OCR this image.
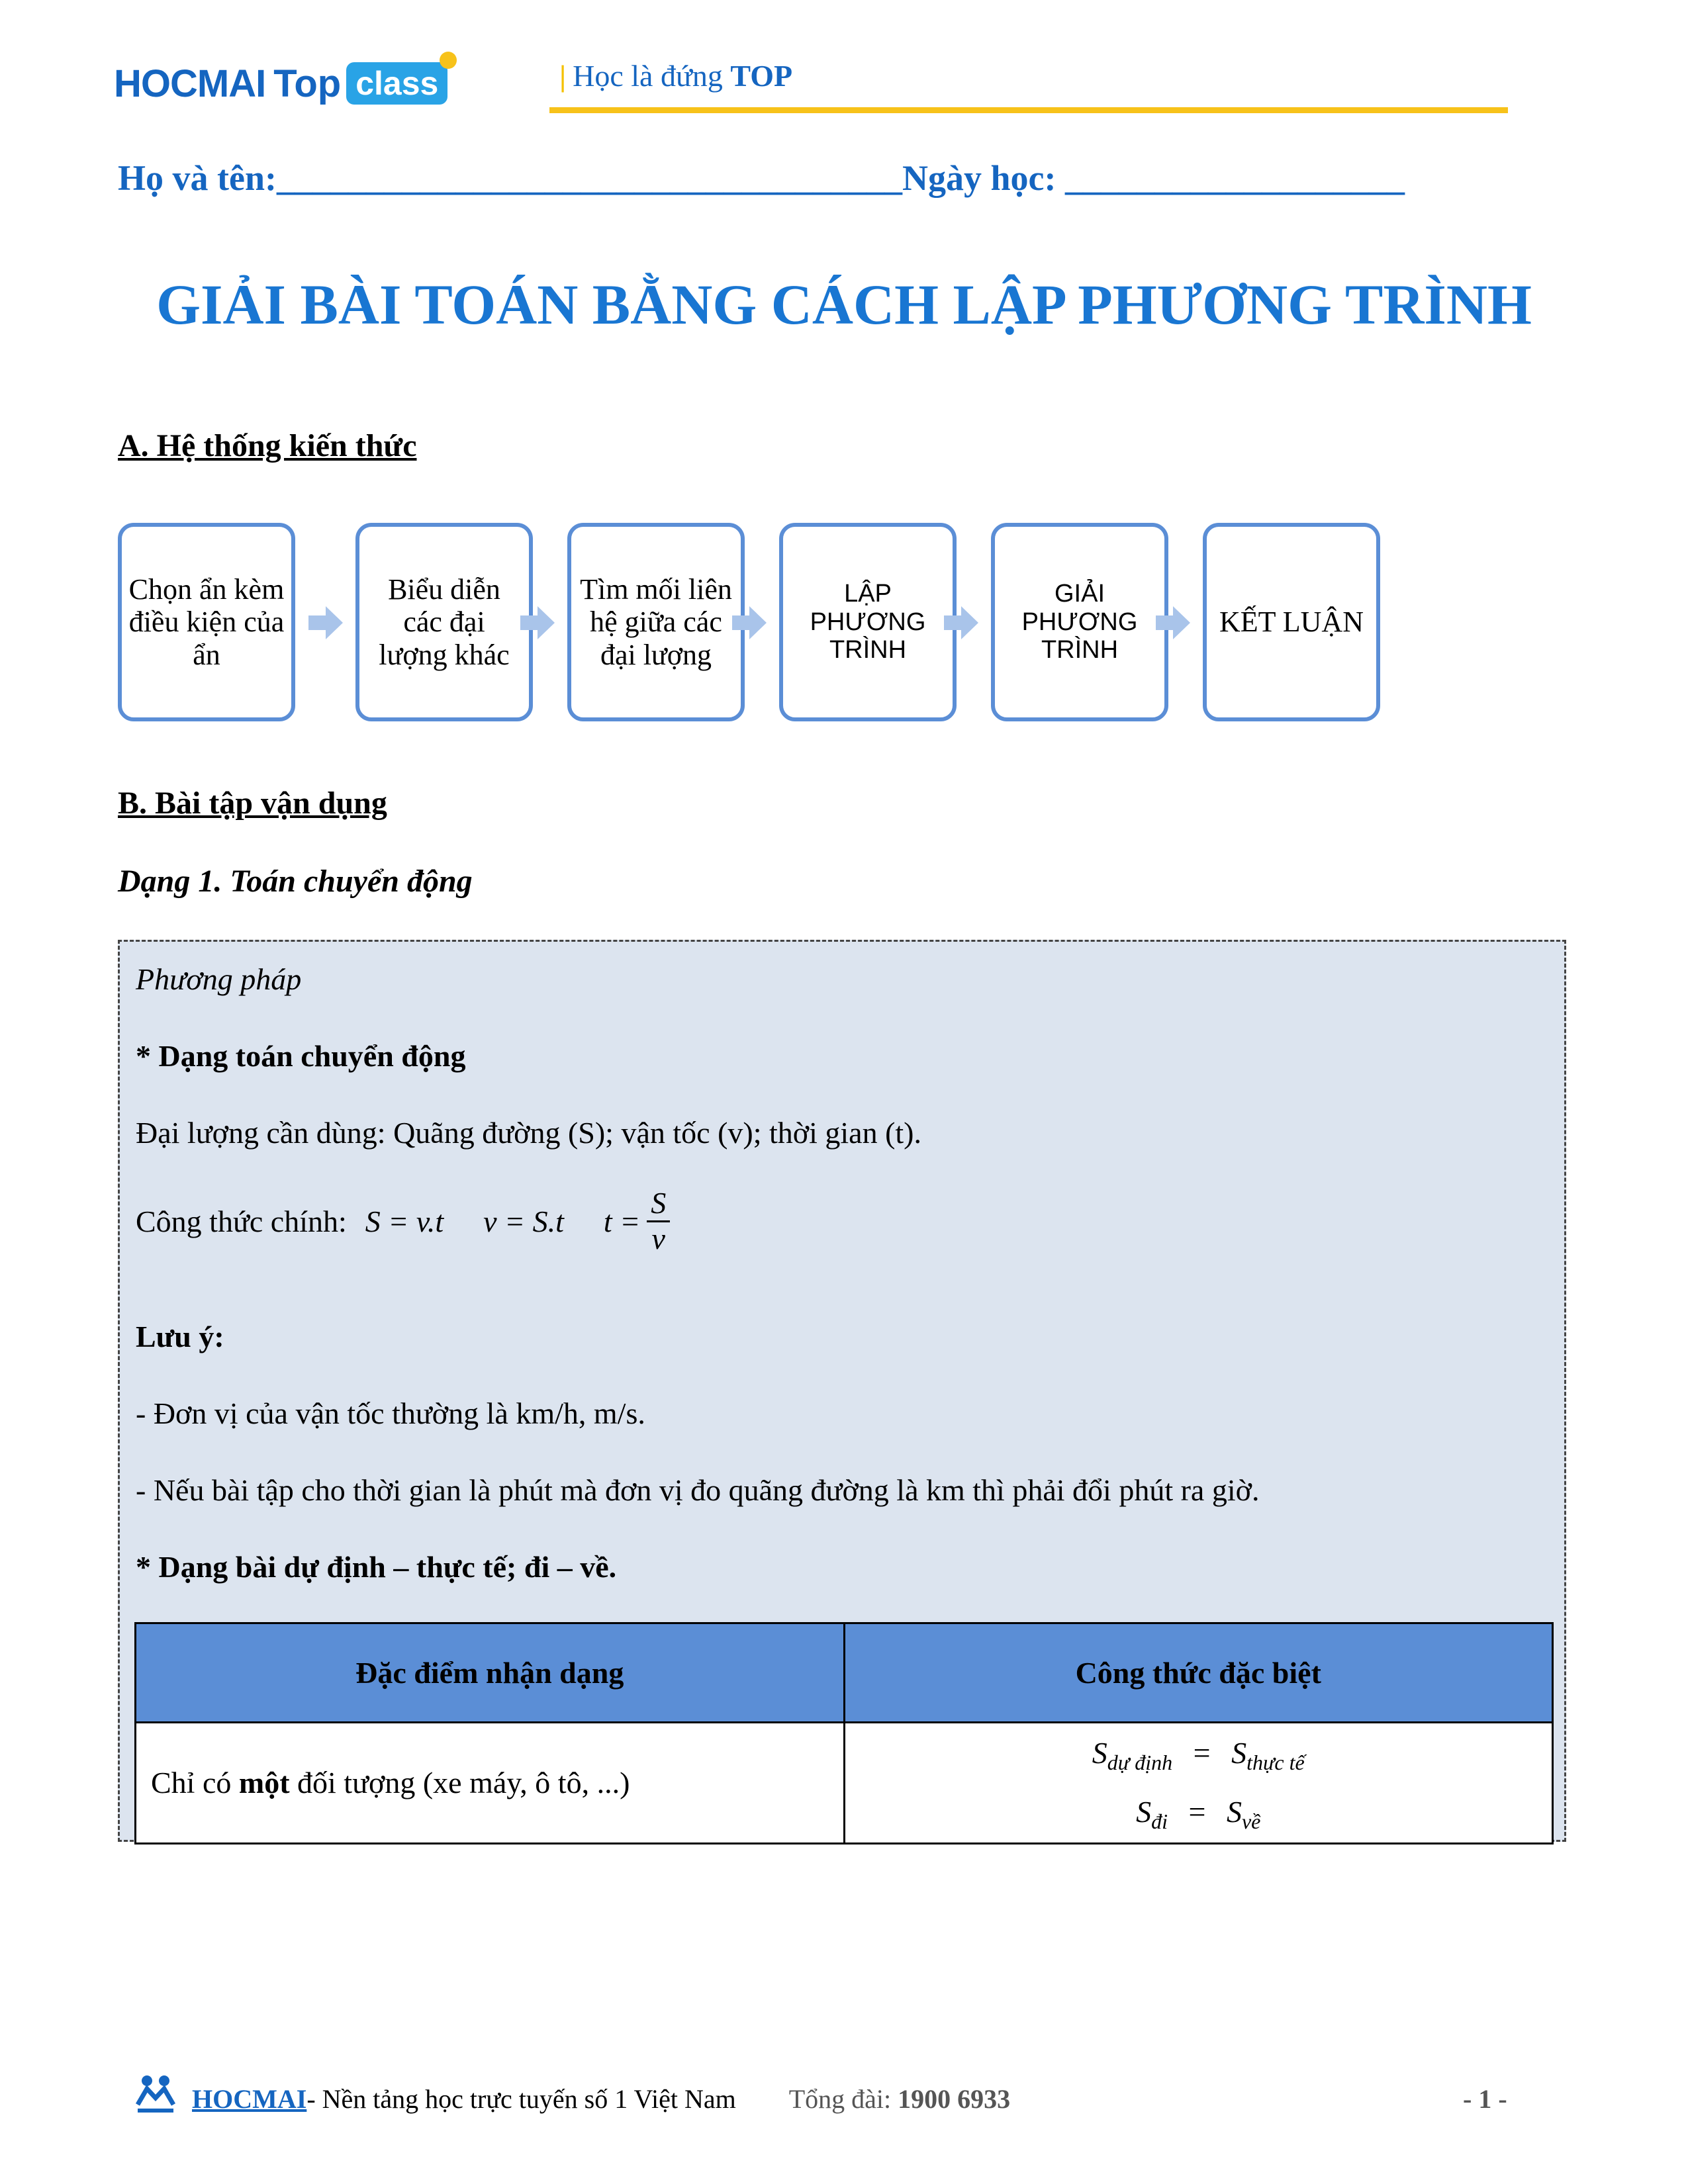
HOCMAI Top class	| Học là đứng TOP
Họ và tên:___________________________________Ngày học: ___________________
GIẢI BÀI TOÁN BẰNG CÁCH LẬP PHƯƠNG TRÌNH
A. Hệ thống kiến thức
Chọn ẩn kèm điều kiện của ẩn
Biểu diễn các đại lượng khác
Tìm mối liên hệ giữa các đại lượng
LẬP PHƯƠNG TRÌNH
GIẢI PHƯƠNG TRÌNH
KẾT LUẬN
B. Bài tập vận dụng
Dạng 1. Toán chuyển động
Phương pháp
* Dạng toán chuyển động
Đại lượng cần dùng: Quãng đường (S); vận tốc (v); thời gian (t).
Công thức chính: S = v.t v = S.t $t = \frac{S}{v}$
Lưu ý:
- Đơn vị của vận tốc thường là km/h, m/s.
- Nếu bài tập cho thời gian là phút mà đơn vị đo quãng đường là km thì phải đổi phút ra giờ.
* Dạng bài dự định – thực tế; đi – về.
Đặc điểm nhận dạng	Công thức đặc biệt
Chỉ có một đối tượng (xe máy, ô tô, ...)	$S_{dự định} = S_{thực tế}$
$S_{đi} = S_{về}$
HOCMAI - Nền tảng học trực tuyến số 1 Việt Nam Tổng đài: 1900 6933	- 1 -
